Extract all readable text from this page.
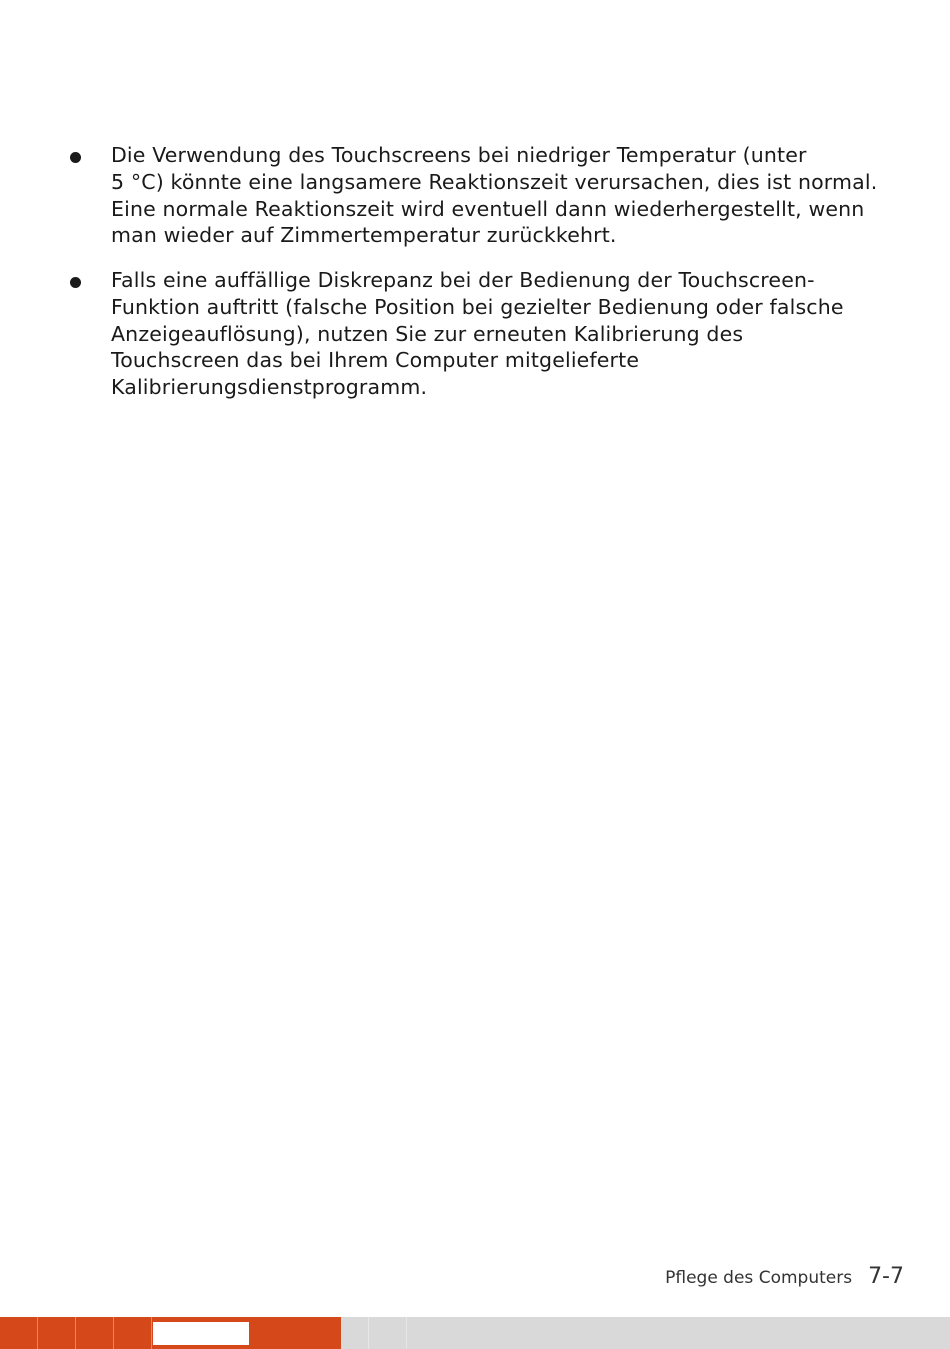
Die Verwendung des Touchscreens bei niedriger Temperatur (unter
5 °C) könnte eine langsamere Reaktionszeit verursachen, dies ist normal.
Eine normale Reaktionszeit wird eventuell dann wiederhergestellt, wenn
man wieder auf Zimmertemperatur zurückkehrt.

Falls eine auffällige Diskrepanz bei der Bedienung der Touchscreen-
Funktion auftritt (falsche Position bei gezielter Bedienung oder falsche
Anzeigeauflösung), nutzen Sie zur erneuten Kalibrierung des
Touchscreen das bei Ihrem Computer mitgelieferte
Kalibrierungsdienstprogramm.

Pflege des Computers 7-7
